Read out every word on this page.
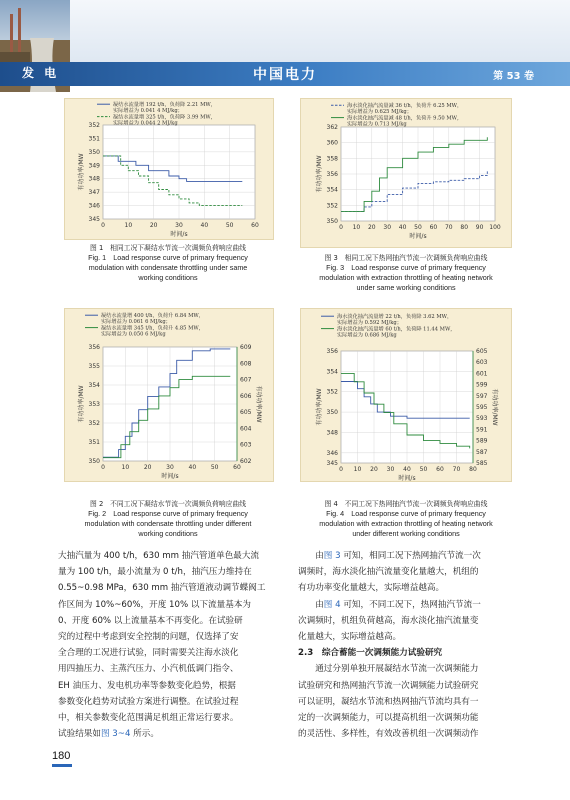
发 电	中国电力	第 53 卷
0	10	20	30	40	50	60
345
346
347
348
349
350
351
352
时间/s
有功功率/MW
凝结水流量增 192 t/h，负荷降 2.21 MW，
实际增益为 0.041 4 MJ/kg；
凝结水流量增 325 t/h，负荷降 3.99 MW，
实际增益为 0.044 2 MJ/kg
图 1　相同工况下凝结水节流一次调频负荷响应曲线
Fig. 1　Load response curve of primary frequency
modulation with condensate throttling under same
working conditions
0 10 20 30 40 50 60 70 80 90 100
350
352
354
356
358
360
362
时间/s
有功功率/MW
海水淡化抽汽流量减 36 t/h，负荷升 6.25 MW，
实际增益为 0.625 MJ/kg；
海水淡化抽汽流量减 48 t/h，负荷升 9.50 MW，
实际增益为 0.713 MJ/kg
图 3　相同工况下热网抽汽节流一次调频负荷响应曲线
Fig. 3　Load response curve of primary frequency
modulation with extraction throttling of heating network
under same working conditions
0	10 20 30 40 50 60
350
351
352
353
354
355
356
602
603
604
605
606
607
608
609
有功功率/MW
时间/s
有功功率/MW
凝结水流量增 400 t/h，负荷升 6.84 MW，
实际增益为 0.061 6 MJ/kg；
凝结水流量增 345 t/h，负荷升 4.85 MW，
实际增益为 0.050 6 MJ/kg
图 2　不同工况下凝结水节流一次调频负荷响应曲线
Fig. 2　Load response curve of primary frequency
modulation with condensate throttling under different
working conditions
0 10 20 30 40 50 60 70 80
345
346
348
350
352
354
356
585
587
589
591
593
595
597
599
601
603
605
有功功率/MW
时间/s
有功功率/MW
海水淡化抽汽流量增 22 t/h，负荷降 3.62 MW，
实际增益为 0.592 MJ/kg；
海水淡化抽汽流量增 60 t/h，负荷降 11.44 MW，
实际增益为 0.686 MJ/kg
图 4　不同工况下热网抽汽节流一次调频负荷响应曲线
Fig. 4　Load response curve of primary frequency
modulation with extraction throttling of heating network
under different working conditions

大抽汽量为 400 t/h，630 mm 抽汽管道单色最大流

量为 100 t/h，最小流量为 0 t/h，抽汽压力维持在

0.55~0.98 MPa，630 mm 抽汽管道液动调节蝶阀工

作区间为 10%~60%，开度 10% 以下流量基本为

0、开度 60% 以上流量基本不再变化。在试验研

究的过程中考虑到安全控制的问题，仅选择了安

全合理的工况进行试验，同时需要关注海水淡化

用四抽压力、主蒸汽压力、小汽机低调门指令、

EH 油压力、发电机功率等参数变化趋势，根据

参数变化趋势对试验方案进行调整。在试验过程

中，相关参数变化范围满足机组正常运行要求。

试验结果如图 3~4 所示。

由图 3 可知，相同工况下热网抽汽节流一次

调频时，海水淡化抽汽流量变化量越大，机组的

有功功率变化量越大，实际增益越高。

由图 4 可知，不同工况下，热网抽汽节流一

次调频时，机组负荷越高，海水淡化抽汽流量变

化量越大，实际增益越高。

2.3　综合蓄能一次调频能力试验研究

通过分别单独开展凝结水节流一次调频能力

试验研究和热网抽汽节流一次调频能力试验研究

可以证明，凝结水节流和热网抽汽节流均具有一

定的一次调频能力，可以提高机组一次调频功能

的灵活性、多样性，有效改善机组一次调频动作

180
